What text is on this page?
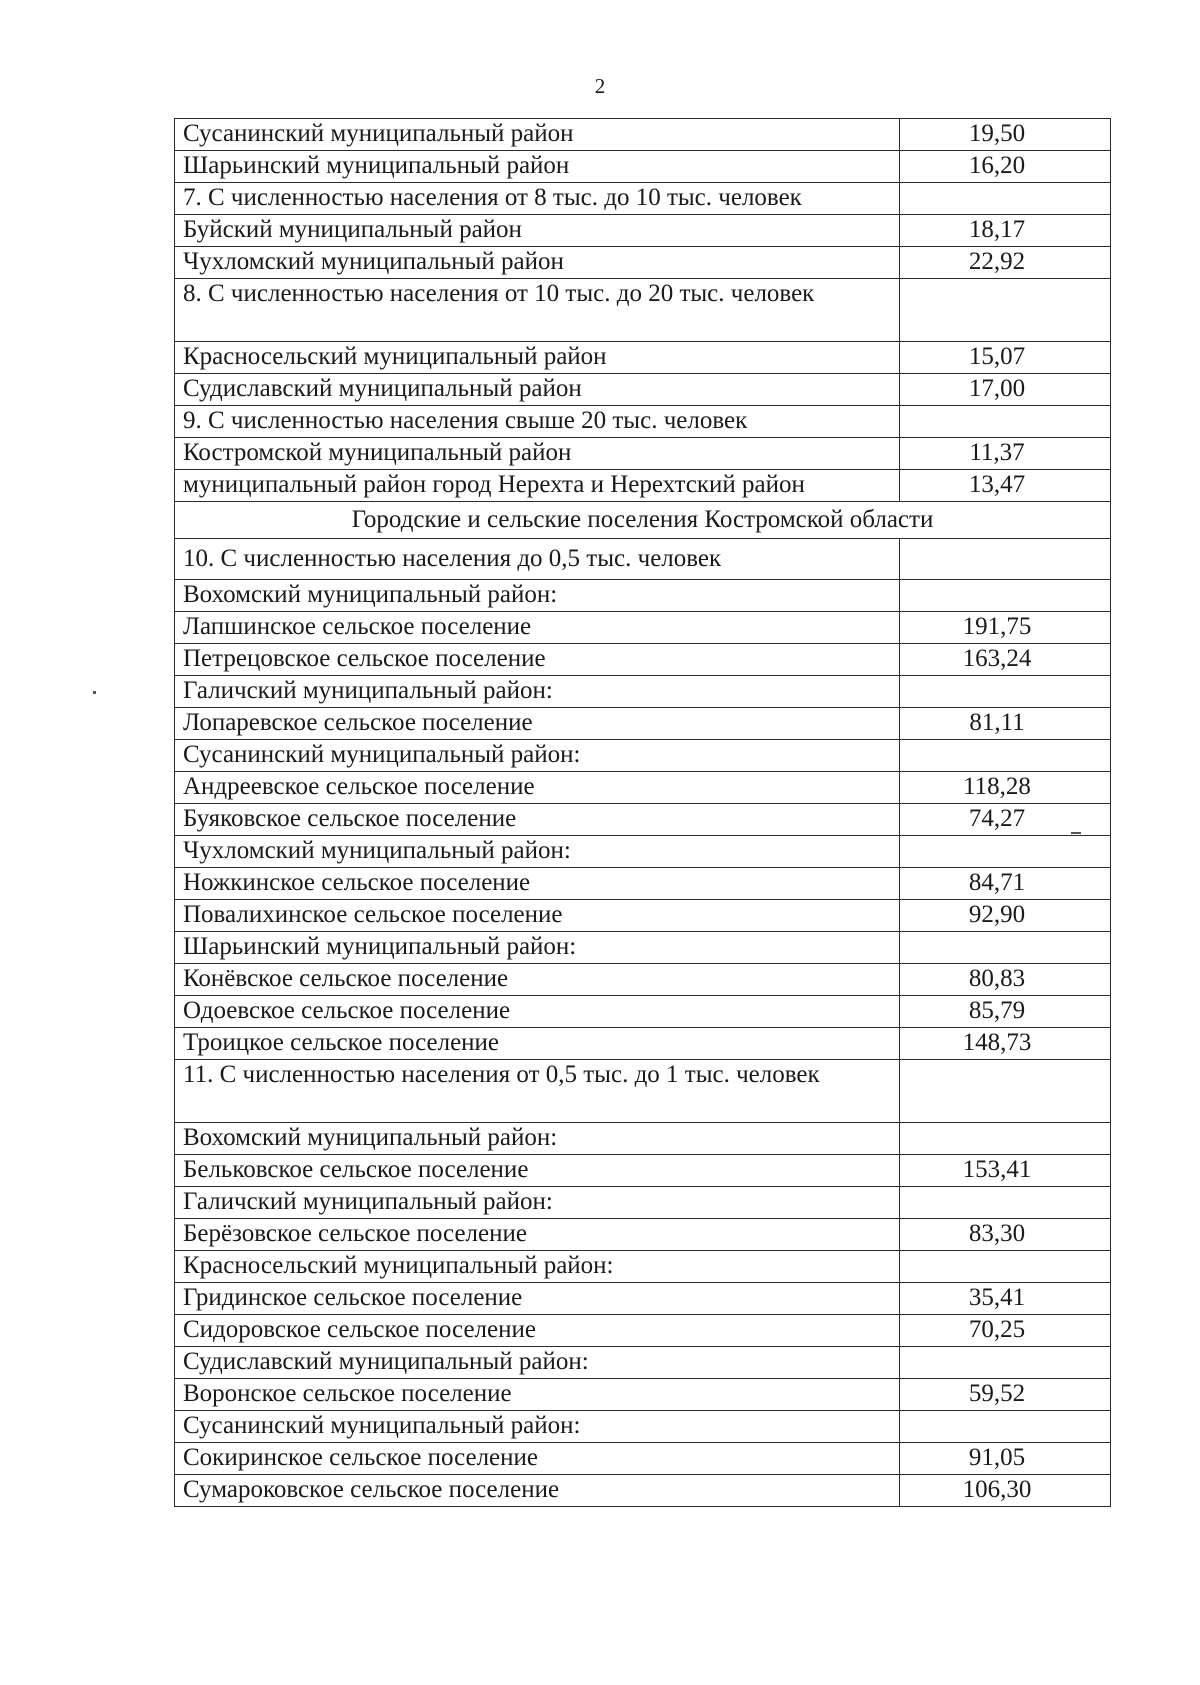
2
Сусанинский муниципальный район	19,50
Шарьинский муниципальный район	16,20
7. С численностью населения от 8 тыс. до 10 тыс. человек	
Буйский муниципальный район	18,17
Чухломский муниципальный район	22,92
8. С численностью населения от 10 тыс. до 20 тыс. человек	
Красносельский муниципальный район	15,07
Судиславский муниципальный район	17,00
9. С численностью населения свыше 20 тыс. человек	
Костромской муниципальный район	11,37
муниципальный район город Нерехта и Нерехтский район	13,47
Городские и сельские поселения Костромской области	
10. С численностью населения до 0,5 тыс. человек	
Вохомский муниципальный район:	
Лапшинское сельское поселение	191,75
Петрецовское сельское поселение	163,24
Галичский муниципальный район:	
Лопаревское сельское поселение	81,11
Сусанинский муниципальный район:	
Андреевское сельское поселение	118,28
Буяковское сельское поселение	74,27
Чухломский муниципальный район:	
Ножкинское сельское поселение	84,71
Повалихинское сельское поселение	92,90
Шарьинский муниципальный район:	
Конёвское сельское поселение	80,83
Одоевское сельское поселение	85,79
Троицкое сельское поселение	148,73
11. С численностью населения от 0,5 тыс. до 1 тыс. человек	
Вохомский муниципальный район:	
Бельковское сельское поселение	153,41
Галичский муниципальный район:	
Берёзовское сельское поселение	83,30
Красносельский муниципальный район:	
Гридинское сельское поселение	35,41
Сидоровское сельское поселение	70,25
Судиславский муниципальный район:	
Воронское сельское поселение	59,52
Сусанинский муниципальный район:	
Сокиринское сельское поселение	91,05
Сумароковское сельское поселение	106,30
